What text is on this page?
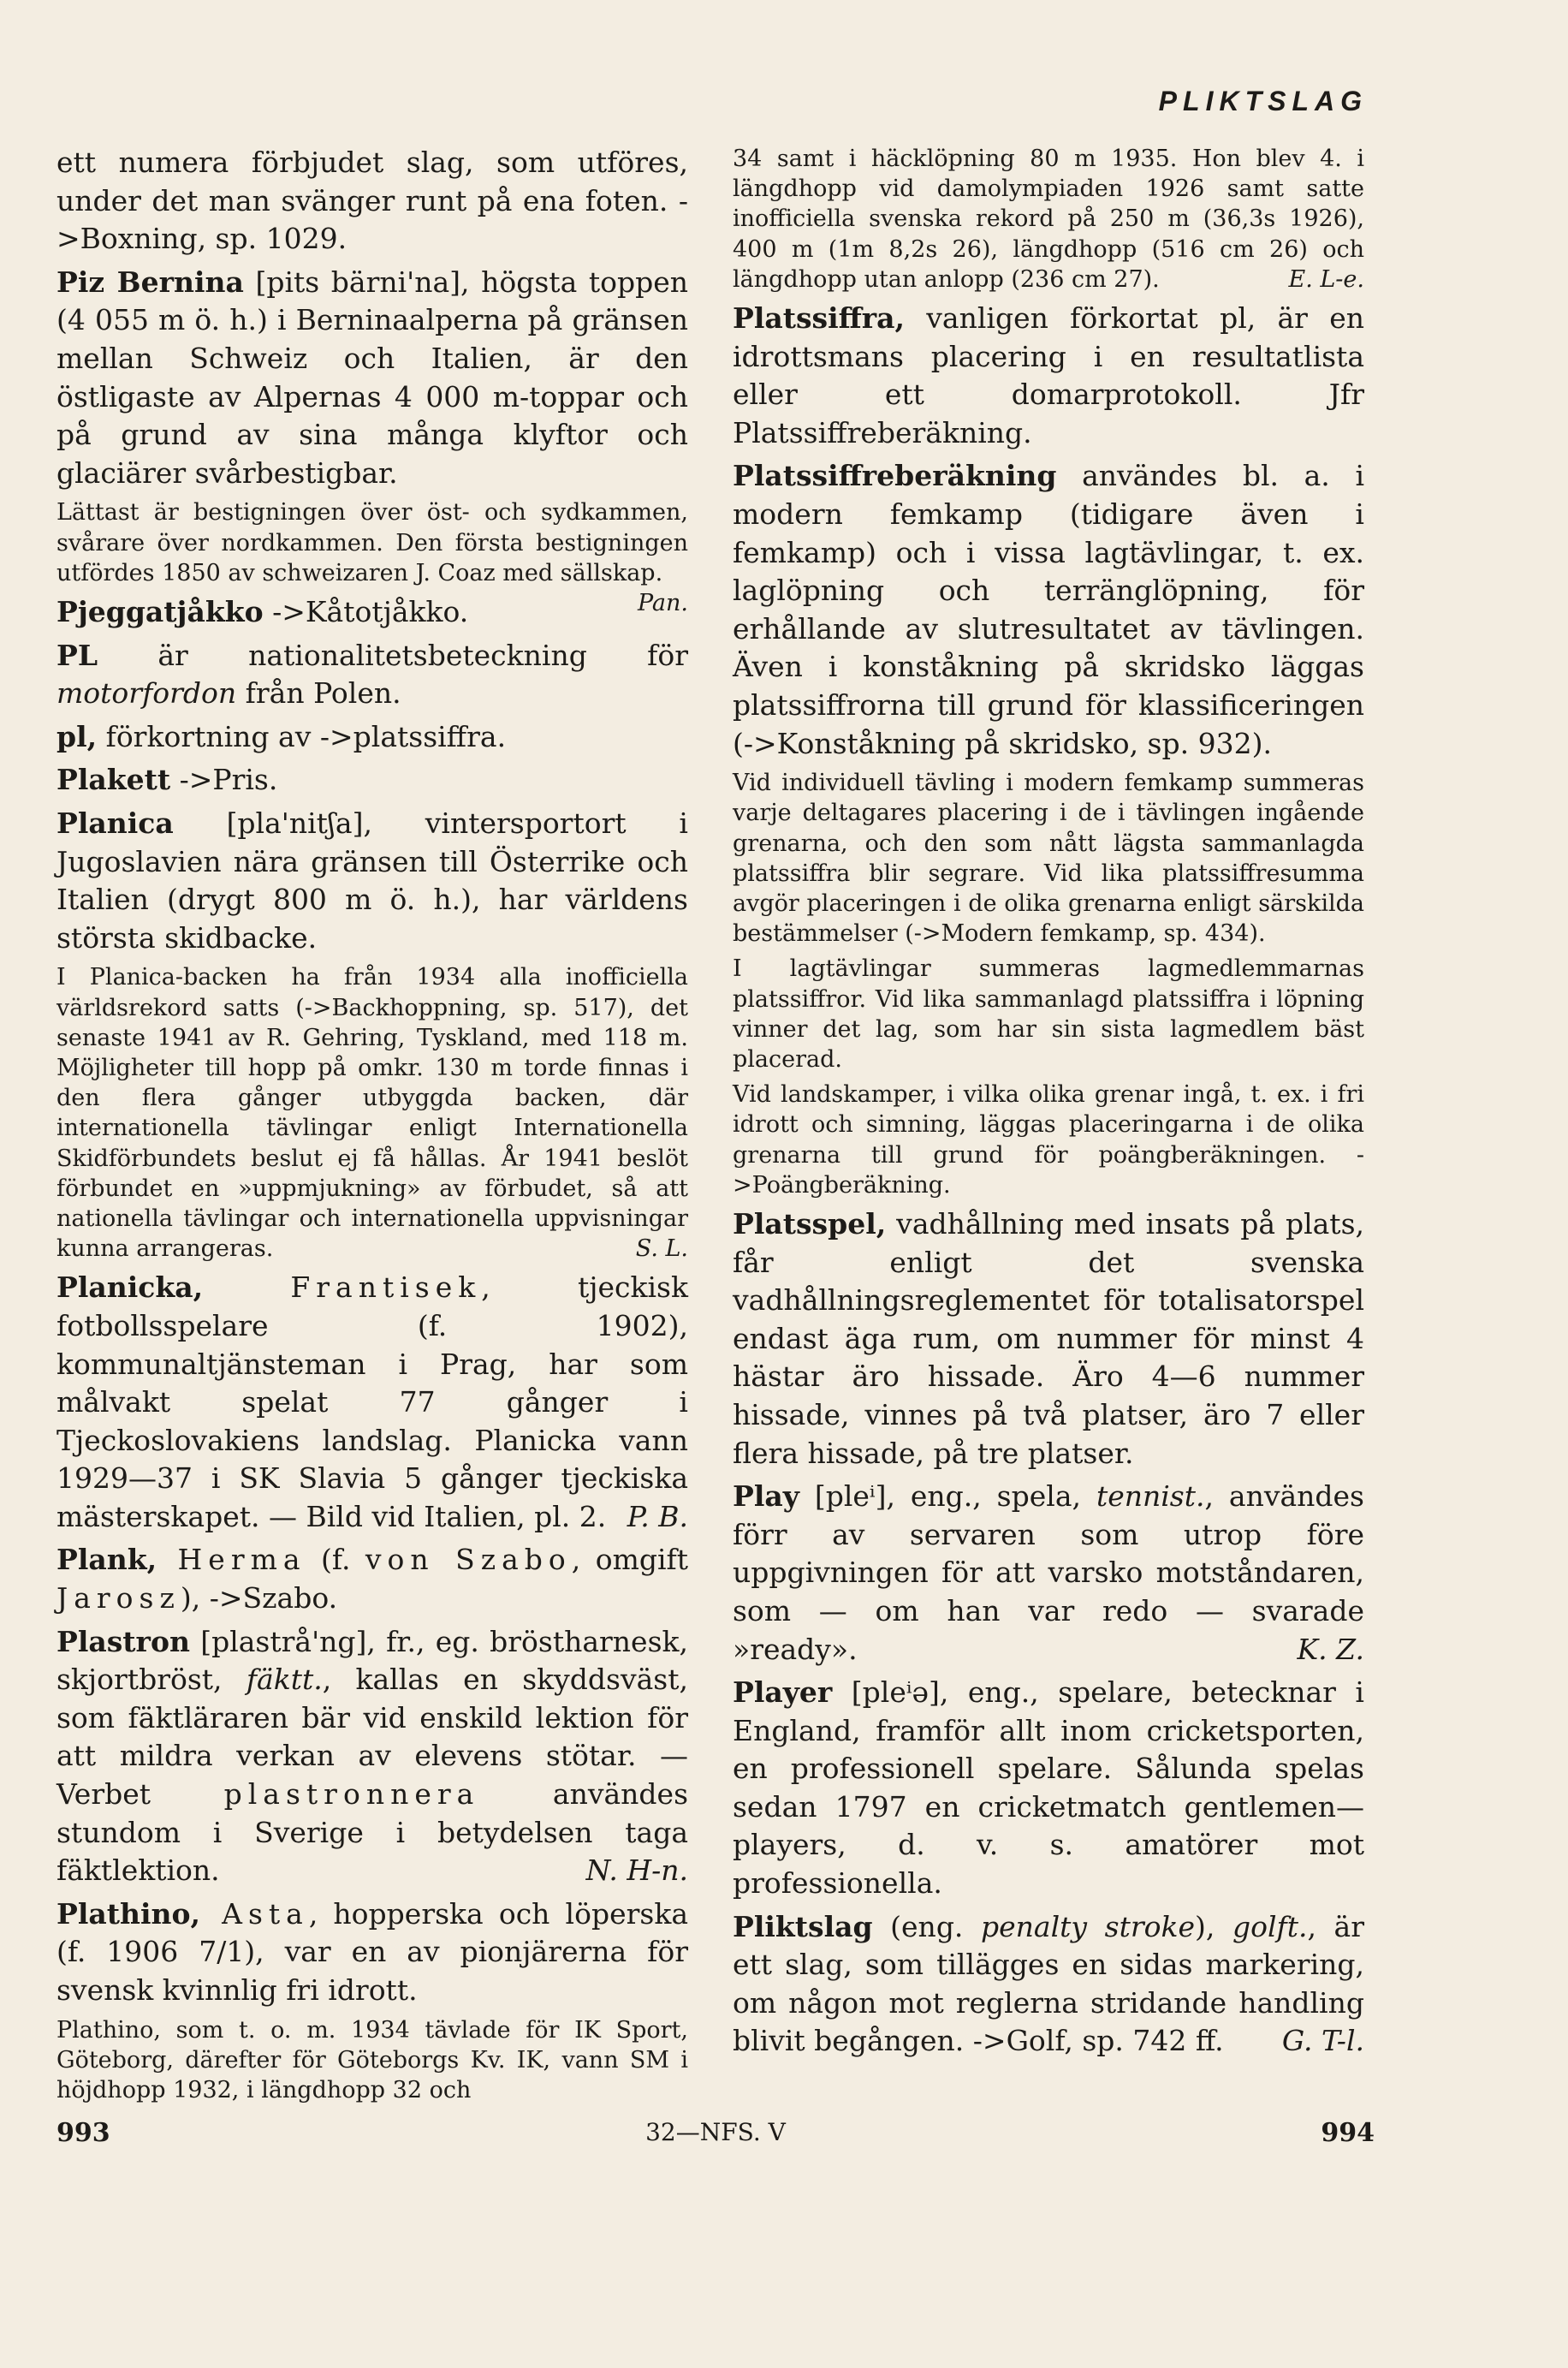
PLIKTSLAG

ett numera förbjudet slag, som utföres, under det man svänger runt på ena foten. ->Boxning, sp. 1029.

Piz Bernina [pits bärni'na], högsta toppen (4 055 m ö. h.) i Berninaalperna på gränsen mellan Schweiz och Italien, är den östligaste av Alpernas 4 000 m-toppar och på grund av sina många klyftor och glaciärer svårbestigbar.

Lättast är bestigningen över öst- och sydkammen, svårare över nordkammen. Den första bestigningen utfördes 1850 av schweizaren J. Coaz med sällskap.
Pan.

Pjeggatjåkko ->Kåtotjåkko.

PL är nationalitetsbeteckning för motorfordon från Polen.

pl, förkortning av ->platssiffra.

Plakett ->Pris.

Planica [pla'nitʃa], vintersportort i Jugoslavien nära gränsen till Österrike och Italien (drygt 800 m ö. h.), har världens största skidbacke.

I Planica-backen ha från 1934 alla inofficiella världsrekord satts (->Backhoppning, sp. 517), det senaste 1941 av R. Gehring, Tyskland, med 118 m. Möjligheter till hopp på omkr. 130 m torde finnas i den flera gånger utbyggda backen, där internationella tävlingar enligt Internationella Skidförbundets beslut ej få hållas. År 1941 beslöt förbundet en »uppmjukning» av förbudet, så att nationella tävlingar och internationella uppvisningar kunna arrangeras.	S. L.

Planicka, Frantisek, tjeckisk fotbollsspelare (f. 1902), kommunaltjänsteman i Prag, har som målvakt spelat 77 gånger i Tjeckoslovakiens landslag. Planicka vann 1929—37 i SK Slavia 5 gånger tjeckiska mästerskapet. — Bild vid Italien, pl. 2. P. B.

Plank, Herma (f. von Szabo, omgift Jarosz), ->Szabo.

Plastron [plastrå'ng], fr., eg. bröstharnesk, skjortbröst, fäktt., kallas en skyddsväst, som fäktläraren bär vid enskild lektion för att mildra verkan av elevens stötar. — Verbet plastronnera användes stundom i Sverige i betydelsen taga fäktlektion.	N. H-n.

Plathino, Asta, hopperska och löperska (f. 1906 7/1), var en av pionjärerna för svensk kvinnlig fri idrott.

Plathino, som t. o. m. 1934 tävlade för IK Sport, Göteborg, därefter för Göteborgs Kv. IK, vann SM i höjdhopp 1932, i längdhopp 32 och

34 samt i häcklöpning 80 m 1935. Hon blev 4. i längdhopp vid damolympiaden 1926 samt satte inofficiella svenska rekord på 250 m (36,3s 1926), 400 m (1m 8,2s 26), längdhopp (516 cm 26) och längdhopp utan anlopp (236 cm 27).	E. L-e.

Platssiffra, vanligen förkortat pl, är en idrottsmans placering i en resultatlista eller ett domarprotokoll. Jfr Platssiffreberäkning.

Platssiffreberäkning användes bl. a. i modern femkamp (tidigare även i femkamp) och i vissa lagtävlingar, t. ex. laglöpning och terränglöpning, för erhållande av slutresultatet av tävlingen. Även i konståkning på skridsko läggas platssiffrorna till grund för klassificeringen (->Konståkning på skridsko, sp. 932).

Vid individuell tävling i modern femkamp summeras varje deltagares placering i de i tävlingen ingående grenarna, och den som nått lägsta sammanlagda platssiffra blir segrare. Vid lika platssiffresumma avgör placeringen i de olika grenarna enligt särskilda bestämmelser (->Modern femkamp, sp. 434).

I lagtävlingar summeras lagmedlemmarnas platssiffror. Vid lika sammanlagd platssiffra i löpning vinner det lag, som har sin sista lagmedlem bäst placerad.

Vid landskamper, i vilka olika grenar ingå, t. ex. i fri idrott och simning, läggas placeringarna i de olika grenarna till grund för poängberäkningen. ->Poängberäkning.

Platsspel, vadhållning med insats på plats, får enligt det svenska vadhållningsreglementet för totalisatorspel endast äga rum, om nummer för minst 4 hästar äro hissade. Äro 4—6 nummer hissade, vinnes på två platser, äro 7 eller flera hissade, på tre platser.

Play [pleⁱ], eng., spela, tennist., användes förr av servaren som utrop före uppgivningen för att varsko motståndaren, som — om han var redo — svarade »ready».	K. Z.

Player [pleⁱə], eng., spelare, betecknar i England, framför allt inom cricketsporten, en professionell spelare. Sålunda spelas sedan 1797 en cricketmatch gentlemen—players, d. v. s. amatörer mot professionella.

Pliktslag (eng. penalty stroke), golft., är ett slag, som tillägges en sidas markering, om någon mot reglerna stridande handling blivit begången. ->Golf, sp. 742 ff. G. T-l.

993	32—NFS. V	994
